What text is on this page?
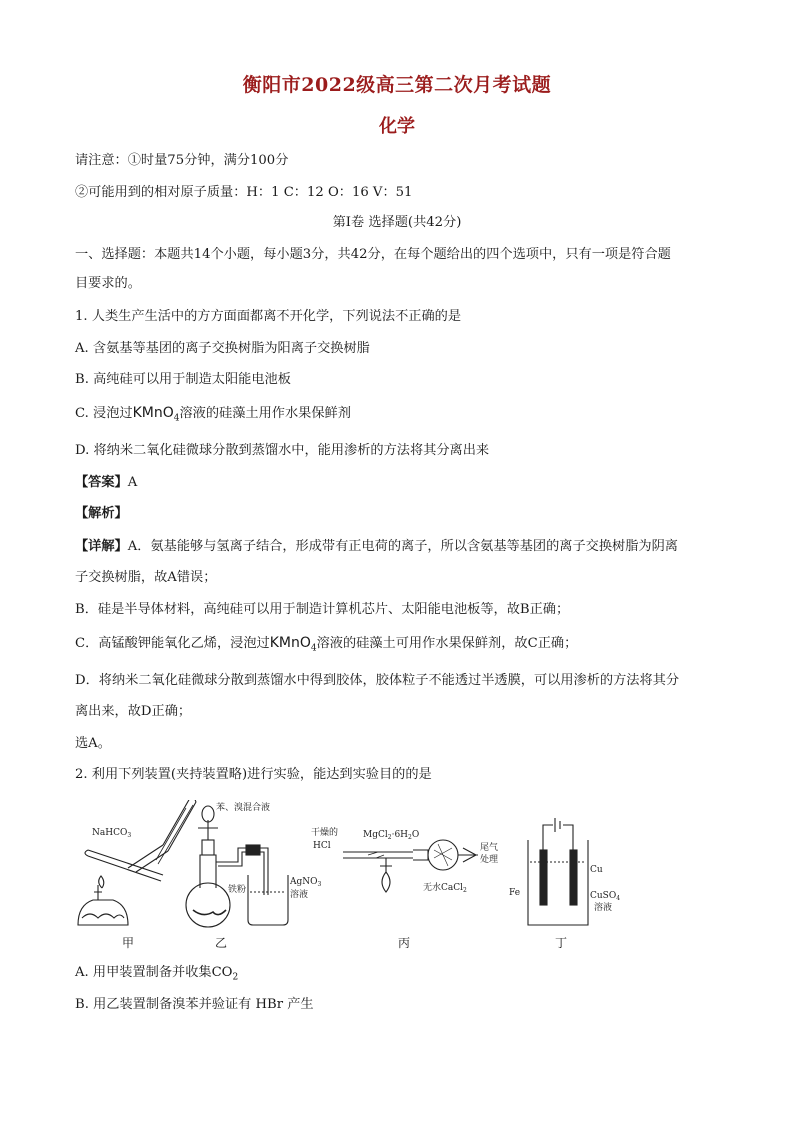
衡阳市2022级高三第二次月考试题
化学
请注意：①时量75分钟，满分100分
②可能用到的相对原子质量：H：1 C：12 O：16 V：51
第Ⅰ卷 选择题(共42分)
一、选择题：本题共14个小题，每小题3分，共42分，在每个题给出的四个选项中，只有一项是符合题
目要求的。
1. 人类生产生活中的方方面面都离不开化学，下列说法不正确的是
A. 含氨基等基团的离子交换树脂为阳离子交换树脂
B. 高纯硅可以用于制造太阳能电池板
C. 浸泡过KMnO$_4$溶液的硅藻土用作水果保鲜剂
D. 将纳米二氧化硅微球分散到蒸馏水中，能用渗析的方法将其分离出来
【答案】A
【解析】
【详解】A．氨基能够与氢离子结合，形成带有正电荷的离子，所以含氨基等基团的离子交换树脂为阴离
子交换树脂，故A错误；
B．硅是半导体材料，高纯硅可以用于制造计算机芯片、太阳能电池板等，故B正确；
C．高锰酸钾能氧化乙烯，浸泡过KMnO$_4$溶液的硅藻土可用作水果保鲜剂，故C正确；
D．将纳米二氧化硅微球分散到蒸馏水中得到胶体，胶体粒子不能透过半透膜，可以用渗析的方法将其分
离出来，故D正确；
选A。
2. 利用下列装置(夹持装置略)进行实验，能达到实验目的的是
NaHCO$_3$
苯、溴混合液
铁粉
AgNO$_3$
溶液
干燥的
HCl
$MgCl_2\cdot 6H_2O$
无水CaCl$_2$
尾气
处理
Cu
Fe	CuSO$_4$
溶液
甲	乙	丙	丁
A. 用甲装置制备并收集$CO_2$
B. 用乙装置制备溴苯并验证有 HBr 产生
